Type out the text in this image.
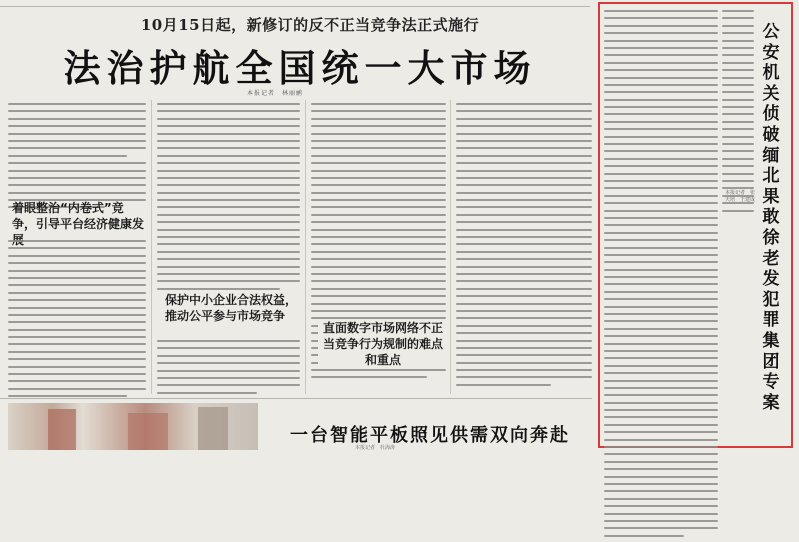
10月15日起，新修订的反不正当竞争法正式施行
法治护航全国统一大市场
本报记者　林丽鹂
着眼整治“内卷式”竞争，引导平台经济健康发
保护中小企业合法权益，推动公平参与市场竞争
直面数字市场网络不正当竞争行为规制的难点和重点
一台智能平板照见供需双向奔赴
本报记者　杜海涛
公安机关侦破缅北果敢徐老发犯罪集团专案
本报记者　张天培　王建成
